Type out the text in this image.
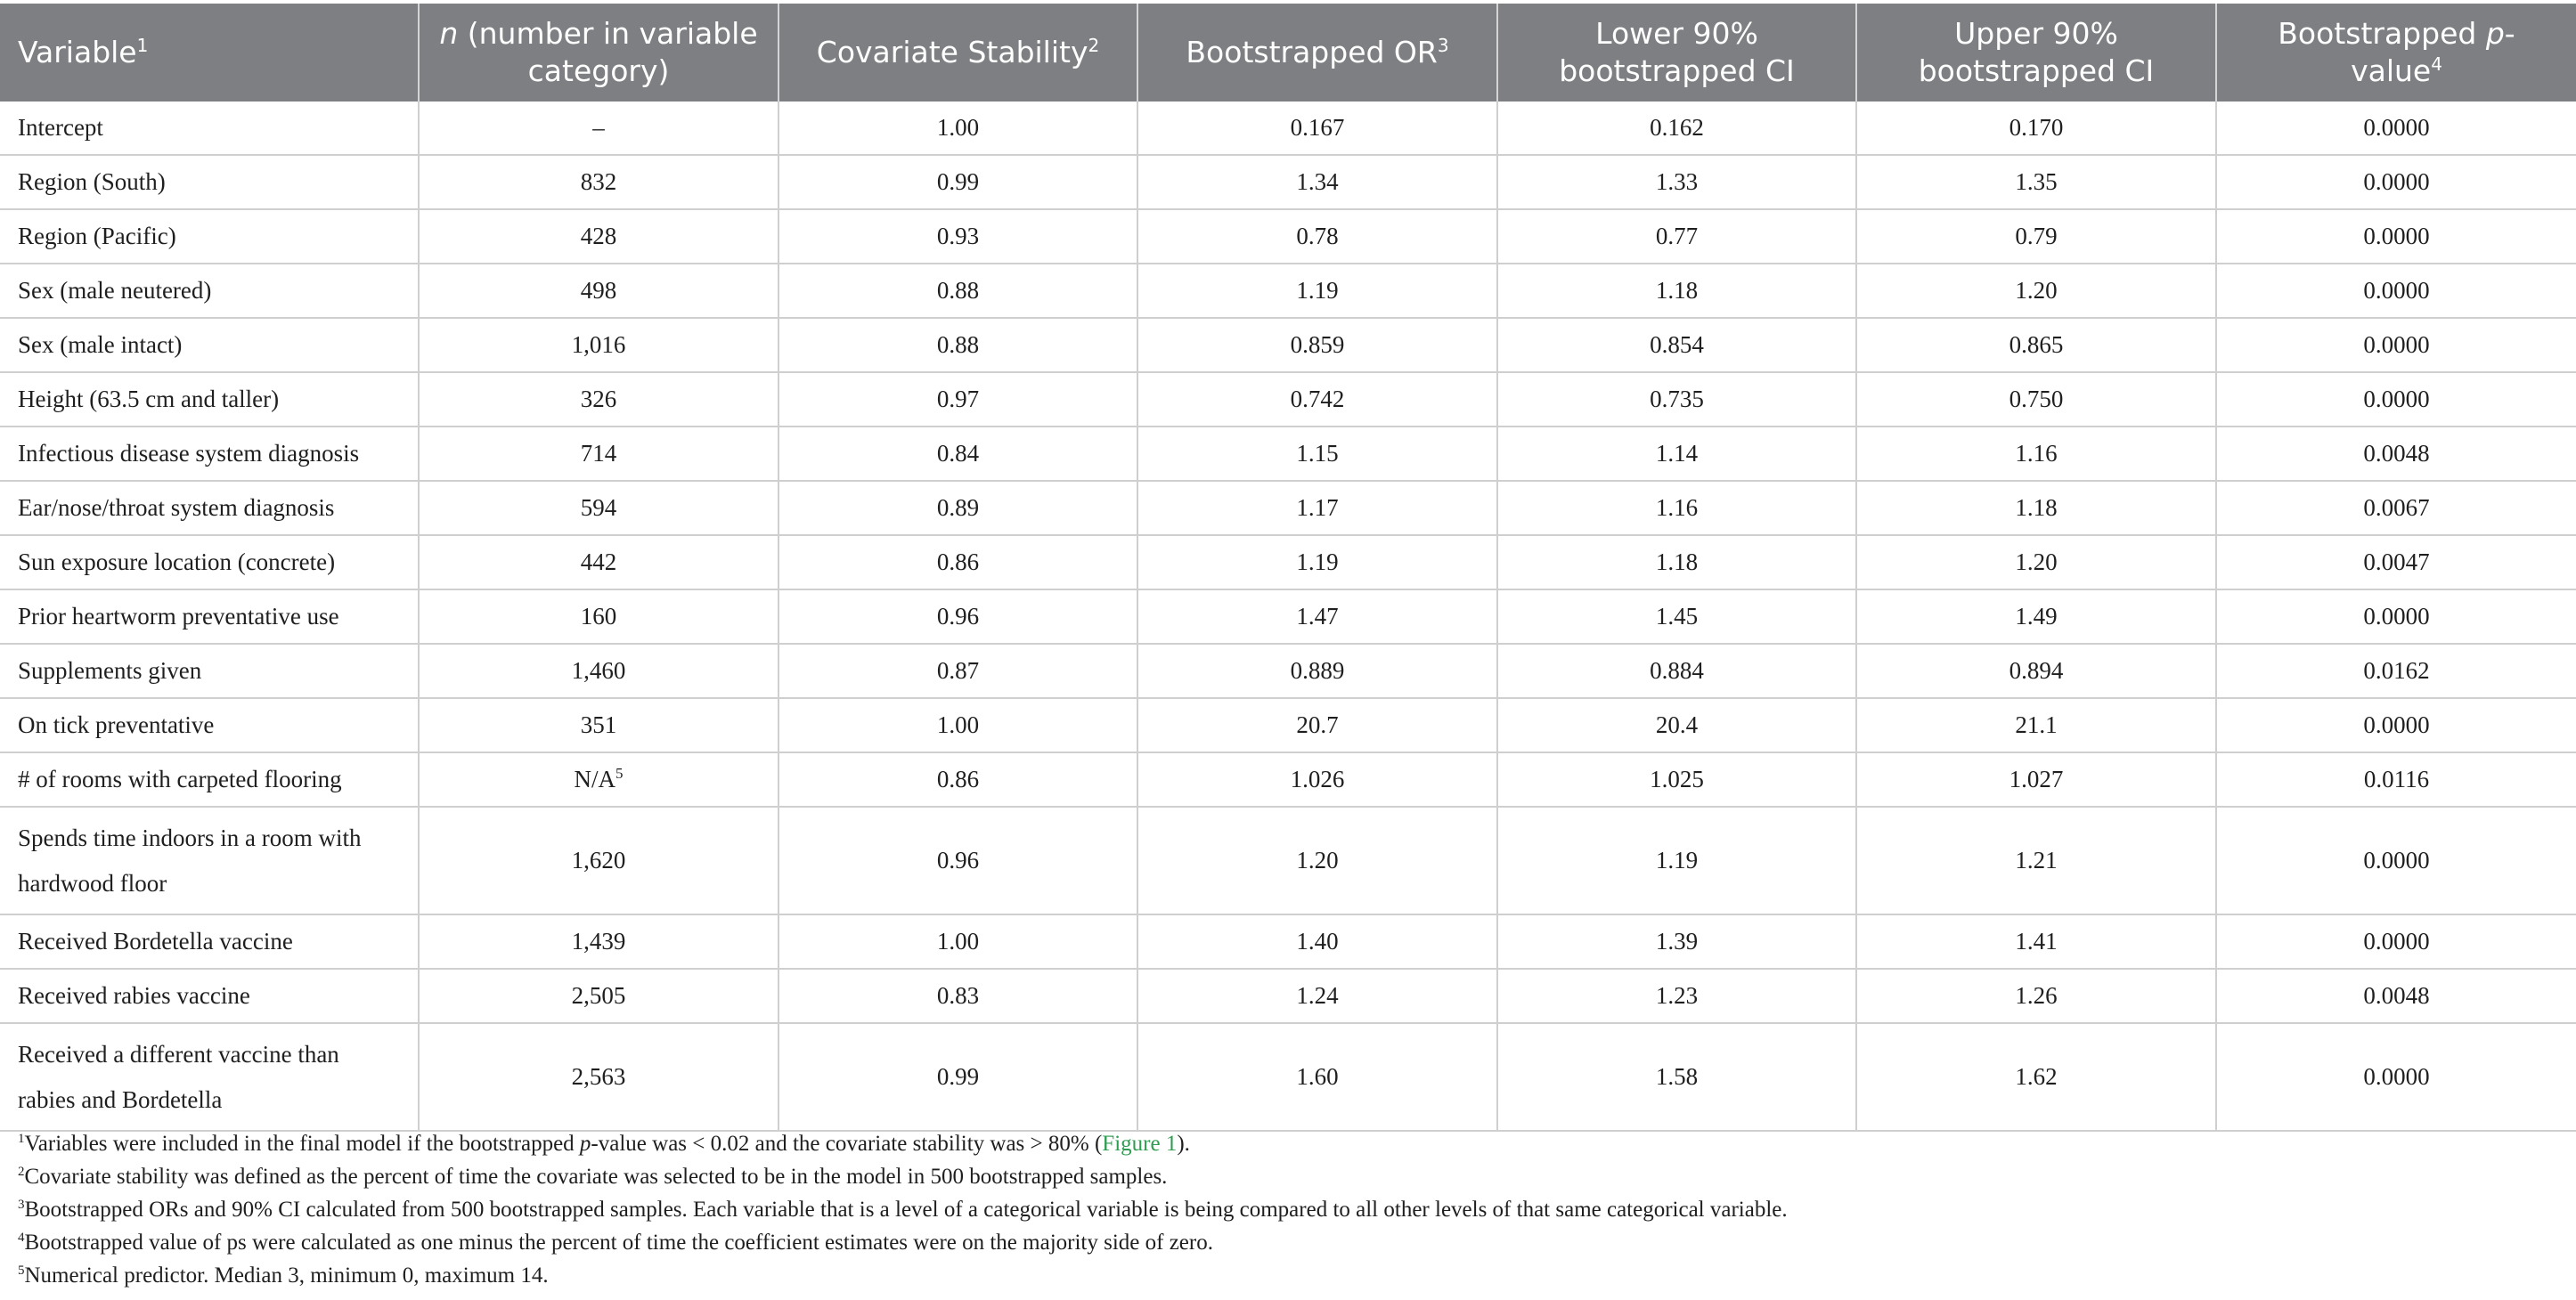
Variable$^1$	n (number in variable category)	Covariate Stability$^2$	Bootstrapped $OR^3$	Lower 90% bootstrapped CI	Upper 90% bootstrapped CI	Bootstrapped p-value$^4$
Intercept	–	1.00	0.167	0.162	0.170	0.0000
Region (South)	832	0.99	1.34	1.33	1.35	0.0000
Region (Pacific)	428	0.93	0.78	0.77	0.79	0.0000
Sex (male neutered)	498	0.88	1.19	1.18	1.20	0.0000
Sex (male intact)	1,016	0.88	0.859	0.854	0.865	0.0000
Height (63.5 cm and taller)	326	0.97	0.742	0.735	0.750	0.0000
Infectious disease system diagnosis	714	0.84	1.15	1.14	1.16	0.0048
Ear/nose/throat system diagnosis	594	0.89	1.17	1.16	1.18	0.0067
Sun exposure location (concrete)	442	0.86	1.19	1.18	1.20	0.0047
Prior heartworm preventative use	160	0.96	1.47	1.45	1.49	0.0000
Supplements given	1,460	0.87	0.889	0.884	0.894	0.0162
On tick preventative	351	1.00	20.7	20.4	21.1	0.0000
# of rooms with carpeted flooring	$N/A^5$	0.86	1.026	1.025	1.027	0.0116
Spends time indoors in a room with hardwood floor	1,620	0.96	1.20	1.19	1.21	0.0000
Received Bordetella vaccine	1,439	1.00	1.40	1.39	1.41	0.0000
Received rabies vaccine	2,505	0.83	1.24	1.23	1.26	0.0048
Received a different vaccine than rabies and Bordetella	2,563	0.99	1.60	1.58	1.62	0.0000
$^1$Variables were included in the final model if the bootstrapped p-value was < 0.02 and the covariate stability was > 80% (Figure 1).
$^2$Covariate stability was defined as the percent of time the covariate was selected to be in the model in 500 bootstrapped samples.
$^3$Bootstrapped ORs and 90% CI calculated from 500 bootstrapped samples. Each variable that is a level of a categorical variable is being compared to all other levels of that same categorical variable.
$^4$Bootstrapped value of ps were calculated as one minus the percent of time the coefficient estimates were on the majority side of zero.
$^5$Numerical predictor. Median 3, minimum 0, maximum 14.
